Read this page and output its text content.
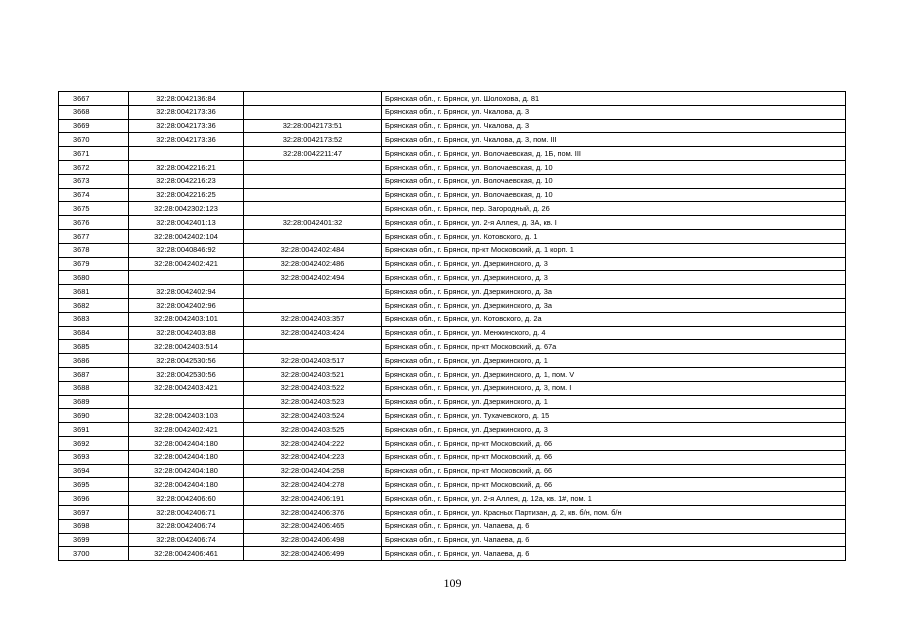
3667	32:28:0042136:84		Брянская обл., г. Брянск, ул. Шолохова, д. 81
3668	32:28:0042173:36		Брянская обл., г. Брянск, ул. Чкалова, д. 3
3669	32:28:0042173:36	32:28:0042173:51	Брянская обл., г. Брянск, ул. Чкалова, д. 3
3670	32:28:0042173:36	32:28:0042173:52	Брянская обл., г. Брянск, ул. Чкалова, д. 3, пом. III
3671		32:28:0042211:47	Брянская обл., г. Брянск, ул. Волочаевская, д. 1Б, пом. III
3672	32:28:0042216:21		Брянская обл., г. Брянск, ул. Волочаевская, д. 10
3673	32:28:0042216:23		Брянская обл., г. Брянск, ул. Волочаевская, д. 10
3674	32:28:0042216:25		Брянская обл., г. Брянск, ул. Волочаевская, д. 10
3675	32:28:0042302:123		Брянская обл., г. Брянск, пер. Загородный, д. 26
3676	32:28:0042401:13	32:28:0042401:32	Брянская обл., г. Брянск, ул. 2-я Аллея, д. 3А, кв. I
3677	32:28:0042402:104		Брянская обл., г. Брянск, ул. Котовского, д. 1
3678	32:28:0040846:92	32:28:0042402:484	Брянская обл., г. Брянск, пр-кт Московский, д. 1 корп. 1
3679	32:28:0042402:421	32:28:0042402:486	Брянская обл., г. Брянск, ул. Дзержинского, д. 3
3680		32:28:0042402:494	Брянская обл., г. Брянск, ул. Дзержинского, д. 3
3681	32:28:0042402:94		Брянская обл., г. Брянск, ул. Дзержинского, д. 3а
3682	32:28:0042402:96		Брянская обл., г. Брянск, ул. Дзержинского, д. 3а
3683	32:28:0042403:101	32:28:0042403:357	Брянская обл., г. Брянск, ул. Котовского, д. 2а
3684	32:28:0042403:88	32:28:0042403:424	Брянская обл., г. Брянск, ул. Менжинского, д. 4
3685	32:28:0042403:514		Брянская обл., г. Брянск, пр-кт Московский, д. 67а
3686	32:28:0042530:56	32:28:0042403:517	Брянская обл., г. Брянск, ул. Дзержинского, д. 1
3687	32:28:0042530:56	32:28:0042403:521	Брянская обл., г. Брянск, ул. Дзержинского, д. 1, пом. V
3688	32:28:0042403:421	32:28:0042403:522	Брянская обл., г. Брянск, ул. Дзержинского, д. 3, пом. I
3689		32:28:0042403:523	Брянская обл., г. Брянск, ул. Дзержинского, д. 1
3690	32:28:0042403:103	32:28:0042403:524	Брянская обл., г. Брянск, ул. Тухачевского, д. 15
3691	32:28:0042402:421	32:28:0042403:525	Брянская обл., г. Брянск, ул. Дзержинского, д. 3
3692	32:28:0042404:180	32:28:0042404:222	Брянская обл., г. Брянск, пр-кт Московский, д. 66
3693	32:28:0042404:180	32:28:0042404:223	Брянская обл., г. Брянск, пр-кт Московский, д. 66
3694	32:28:0042404:180	32:28:0042404:258	Брянская обл., г. Брянск, пр-кт Московский, д. 66
3695	32:28:0042404:180	32:28:0042404:278	Брянская обл., г. Брянск, пр-кт Московский, д. 66
3696	32:28:0042406:60	32:28:0042406:191	Брянская обл., г. Брянск, ул. 2-я Аллея, д. 12а, кв. 1#, пом. 1
3697	32:28:0042406:71	32:28:0042406:376	Брянская обл., г. Брянск, ул. Красных Партизан, д. 2, кв. б/н, пом. б/н
3698	32:28:0042406:74	32:28:0042406:465	Брянская обл., г. Брянск, ул. Чапаева, д. 6
3699	32:28:0042406:74	32:28:0042406:498	Брянская обл., г. Брянск, ул. Чапаева, д. 6
3700	32:28:0042406:461	32:28:0042406:499	Брянская обл., г. Брянск, ул. Чапаева, д. 6
109
